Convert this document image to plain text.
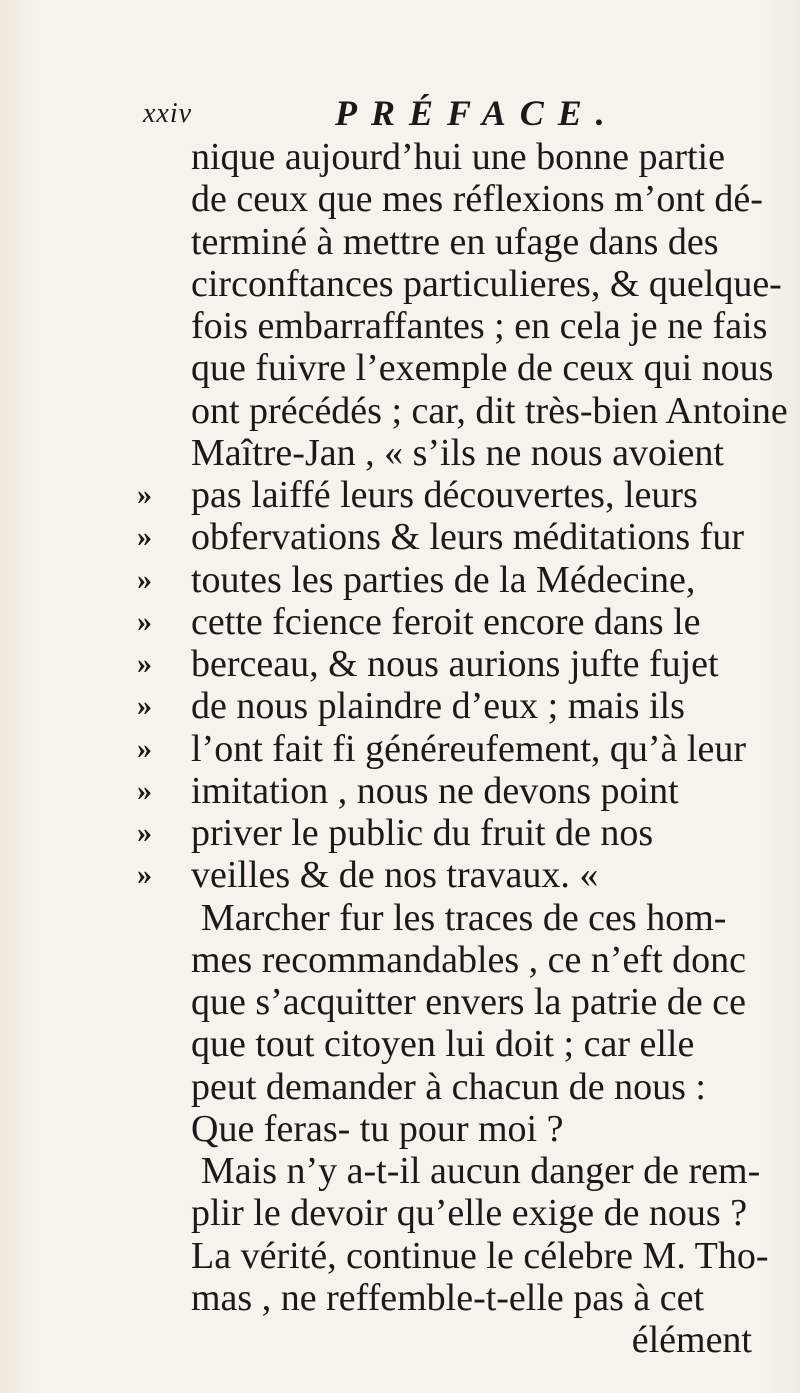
xxiv	PRÉFACE.
nique aujourd’hui une bonne partie
de ceux que mes réflexions m’ont dé-
terminé à mettre en ufage dans des
circonftances particulieres, & quelque-
fois embarraffantes ; en cela je ne fais
que fuivre l’exemple de ceux qui nous
ont précédés ; car, dit très-bien Antoine
Maître-Jan , « s’ils ne nous avoient
» pas laiffé leurs découvertes, leurs
» obfervations & leurs méditations fur
» toutes les parties de la Médecine,
» cette fcience feroit encore dans le
» berceau, & nous aurions jufte fujet
» de nous plaindre d’eux ; mais ils
» l’ont fait fi généreufement, qu’à leur
» imitation , nous ne devons point
» priver le public du fruit de nos
» veilles & de nos travaux. «
Marcher fur les traces de ces hom-
mes recommandables , ce n’eft donc
que s’acquitter envers la patrie de ce
que tout citoyen lui doit ; car elle
peut demander à chacun de nous :
Que feras- tu pour moi ?
Mais n’y a-t-il aucun danger de rem-
plir le devoir qu’elle exige de nous ?
La vérité, continue le célebre M. Tho-
mas , ne reffemble-t-elle pas à cet
élément
